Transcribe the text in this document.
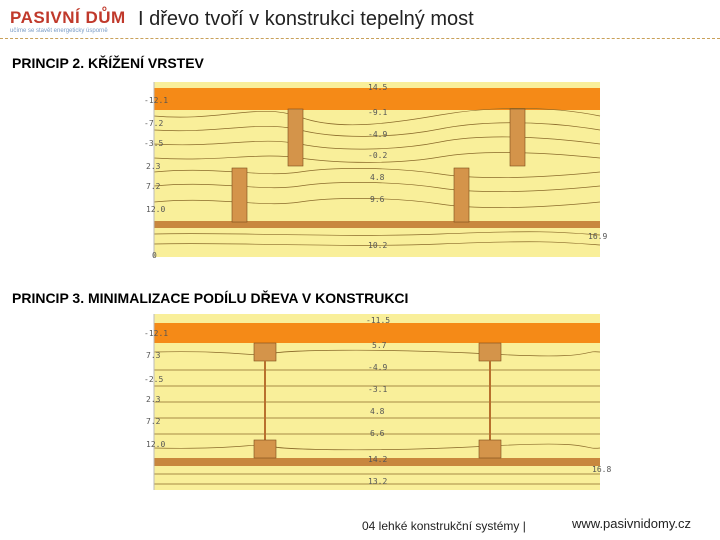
PASIVNÍ DŮM
učíme se stavět energeticky úsporně
I dřevo tvoří v konstrukci tepelný most
PRINCIP 2. KŘÍŽENÍ VRSTEV
-12.1
-7.2
-3.5
2.3
7.2
12.0
14.5
-9.1
-4.9
-0.2
4.8
9.6
10.2
16.9
0
PRINCIP 3. MINIMALIZACE PODÍLU DŘEVA V KONSTRUKCI
-12.1
7.3
-2.5
2.3
7.2
12.0
-11.5
5.7
-4.9
-3.1
4.8
6.6
14.2
13.2
16.8
04 lehké konstrukční systémy |	www.pasivnidomy.cz
